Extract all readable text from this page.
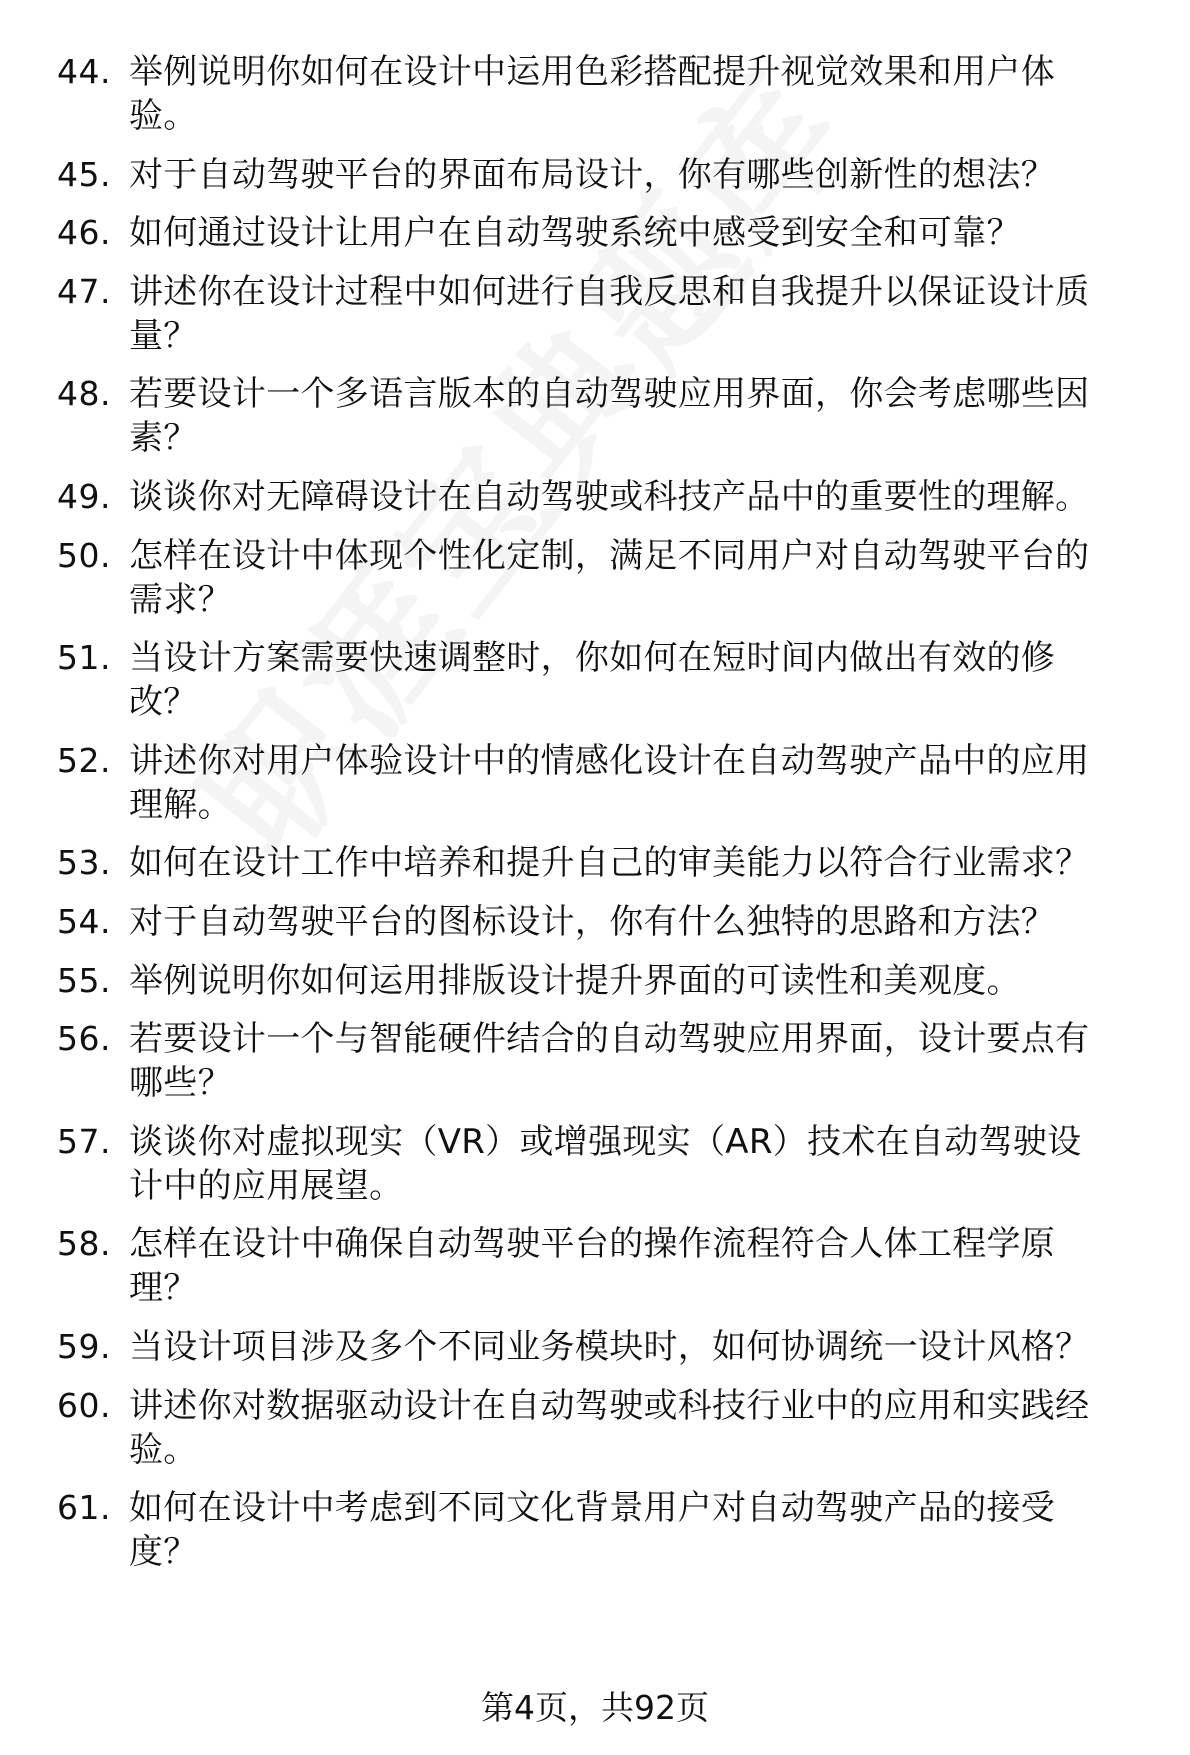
44. 举例说明你如何在设计中运用色彩搭配提升视觉效果和用户体
验。
45. 对于自动驾驶平台的界面布局设计，你有哪些创新性的想法？
46. 如何通过设计让用户在自动驾驶系统中感受到安全和可靠？
47. 讲述你在设计过程中如何进行自我反思和自我提升以保证设计质
量？
48. 若要设计一个多语言版本的自动驾驶应用界面，你会考虑哪些因
素？
49. 谈谈你对无障碍设计在自动驾驶或科技产品中的重要性的理解。
50. 怎样在设计中体现个性化定制，满足不同用户对自动驾驶平台的
需求？
51. 当设计方案需要快速调整时，你如何在短时间内做出有效的修
改？
52. 讲述你对用户体验设计中的情感化设计在自动驾驶产品中的应用
理解。
53. 如何在设计工作中培养和提升自己的审美能力以符合行业需求？
54. 对于自动驾驶平台的图标设计，你有什么独特的思路和方法？
55. 举例说明你如何运用排版设计提升界面的可读性和美观度。
56. 若要设计一个与智能硬件结合的自动驾驶应用界面，设计要点有
哪些？
57. 谈谈你对虚拟现实（VR）或增强现实（AR）技术在自动驾驶设
计中的应用展望。
58. 怎样在设计中确保自动驾驶平台的操作流程符合人体工程学原
理？
59. 当设计项目涉及多个不同业务模块时，如何协调统一设计风格？
60. 讲述你对数据驱动设计在自动驾驶或科技行业中的应用和实践经
验。
61. 如何在设计中考虑到不同文化背景用户对自动驾驶产品的接受
度？
第4页，共92页
